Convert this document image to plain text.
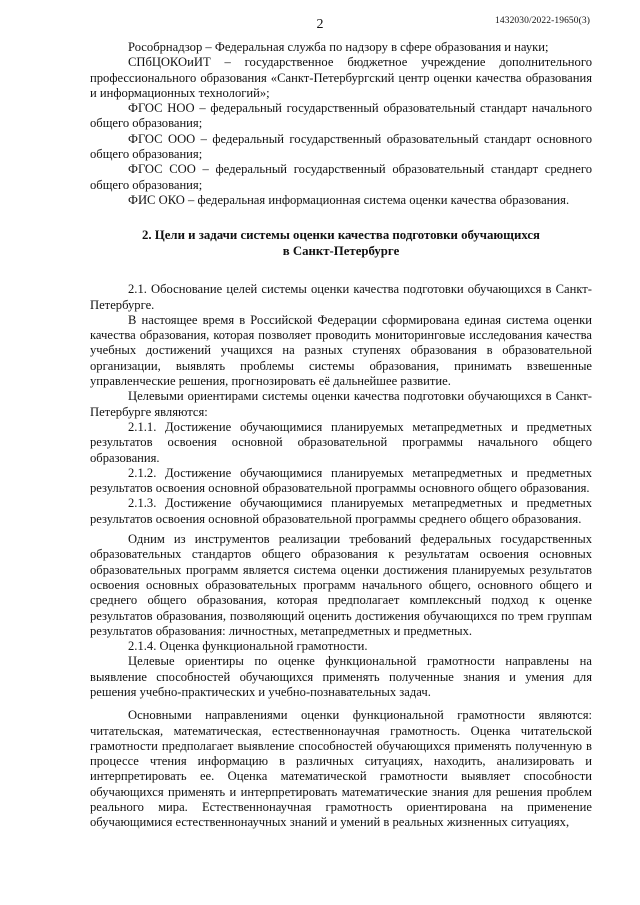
2	1432030/2022-19650(3)

Рособрнадзор – Федеральная служба по надзору в сфере образования и науки;

СПбЦОКОиИТ – государственное бюджетное учреждение дополнительного профессионального образования «Санкт-Петербургский центр оценки качества образования и информационных технологий»;

ФГОС НОО – федеральный государственный образовательный стандарт начального общего образования;

ФГОС ООО – федеральный государственный образовательный стандарт основного общего образования;

ФГОС СОО – федеральный государственный образовательный стандарт среднего общего образования;

ФИС ОКО – федеральная информационная система оценки качества образования.

2. Цели и задачи системы оценки качества подготовки обучающихся
в Санкт-Петербурге

2.1. Обоснование целей системы оценки качества подготовки обучающихся в Санкт-Петербурге.

В настоящее время в Российской Федерации сформирована единая система оценки качества образования, которая позволяет проводить мониторинговые исследования качества учебных достижений учащихся на разных ступенях образования в образовательной организации, выявлять проблемы системы образования, принимать взвешенные управленческие решения, прогнозировать её дальнейшее развитие.

Целевыми ориентирами системы оценки качества подготовки обучающихся в Санкт-Петербурге являются:

2.1.1. Достижение обучающимися планируемых метапредметных и предметных результатов освоения основной образовательной программы начального общего образования.

2.1.2. Достижение обучающимися планируемых метапредметных и предметных результатов освоения основной образовательной программы основного общего образования.

2.1.3. Достижение обучающимися планируемых метапредметных и предметных результатов освоения основной образовательной программы среднего общего образования.

Одним из инструментов реализации требований федеральных государственных образовательных стандартов общего образования к результатам освоения основных образовательных программ является система оценки достижения планируемых результатов освоения основных образовательных программ начального общего, основного общего и среднего общего образования, которая предполагает комплексный подход к оценке результатов образования, позволяющий оценить достижения обучающихся по трем группам результатов образования: личностных, метапредметных и предметных.

2.1.4. Оценка функциональной грамотности.

Целевые ориентиры по оценке функциональной грамотности направлены на выявление способностей обучающихся применять полученные знания и умения для решения учебно-практических и учебно-познавательных задач.

Основными направлениями оценки функциональной грамотности являются: читательская, математическая, естественнонаучная грамотность. Оценка читательской грамотности предполагает выявление способностей обучающихся применять полученную в процессе чтения информацию в различных ситуациях, находить, анализировать и интерпретировать ее. Оценка математической грамотности выявляет способности обучающихся применять и интерпретировать математические знания для решения проблем реального мира. Естественнонаучная грамотность ориентирована на применение обучающимися естественнонаучных знаний и умений в реальных жизненных ситуациях,
